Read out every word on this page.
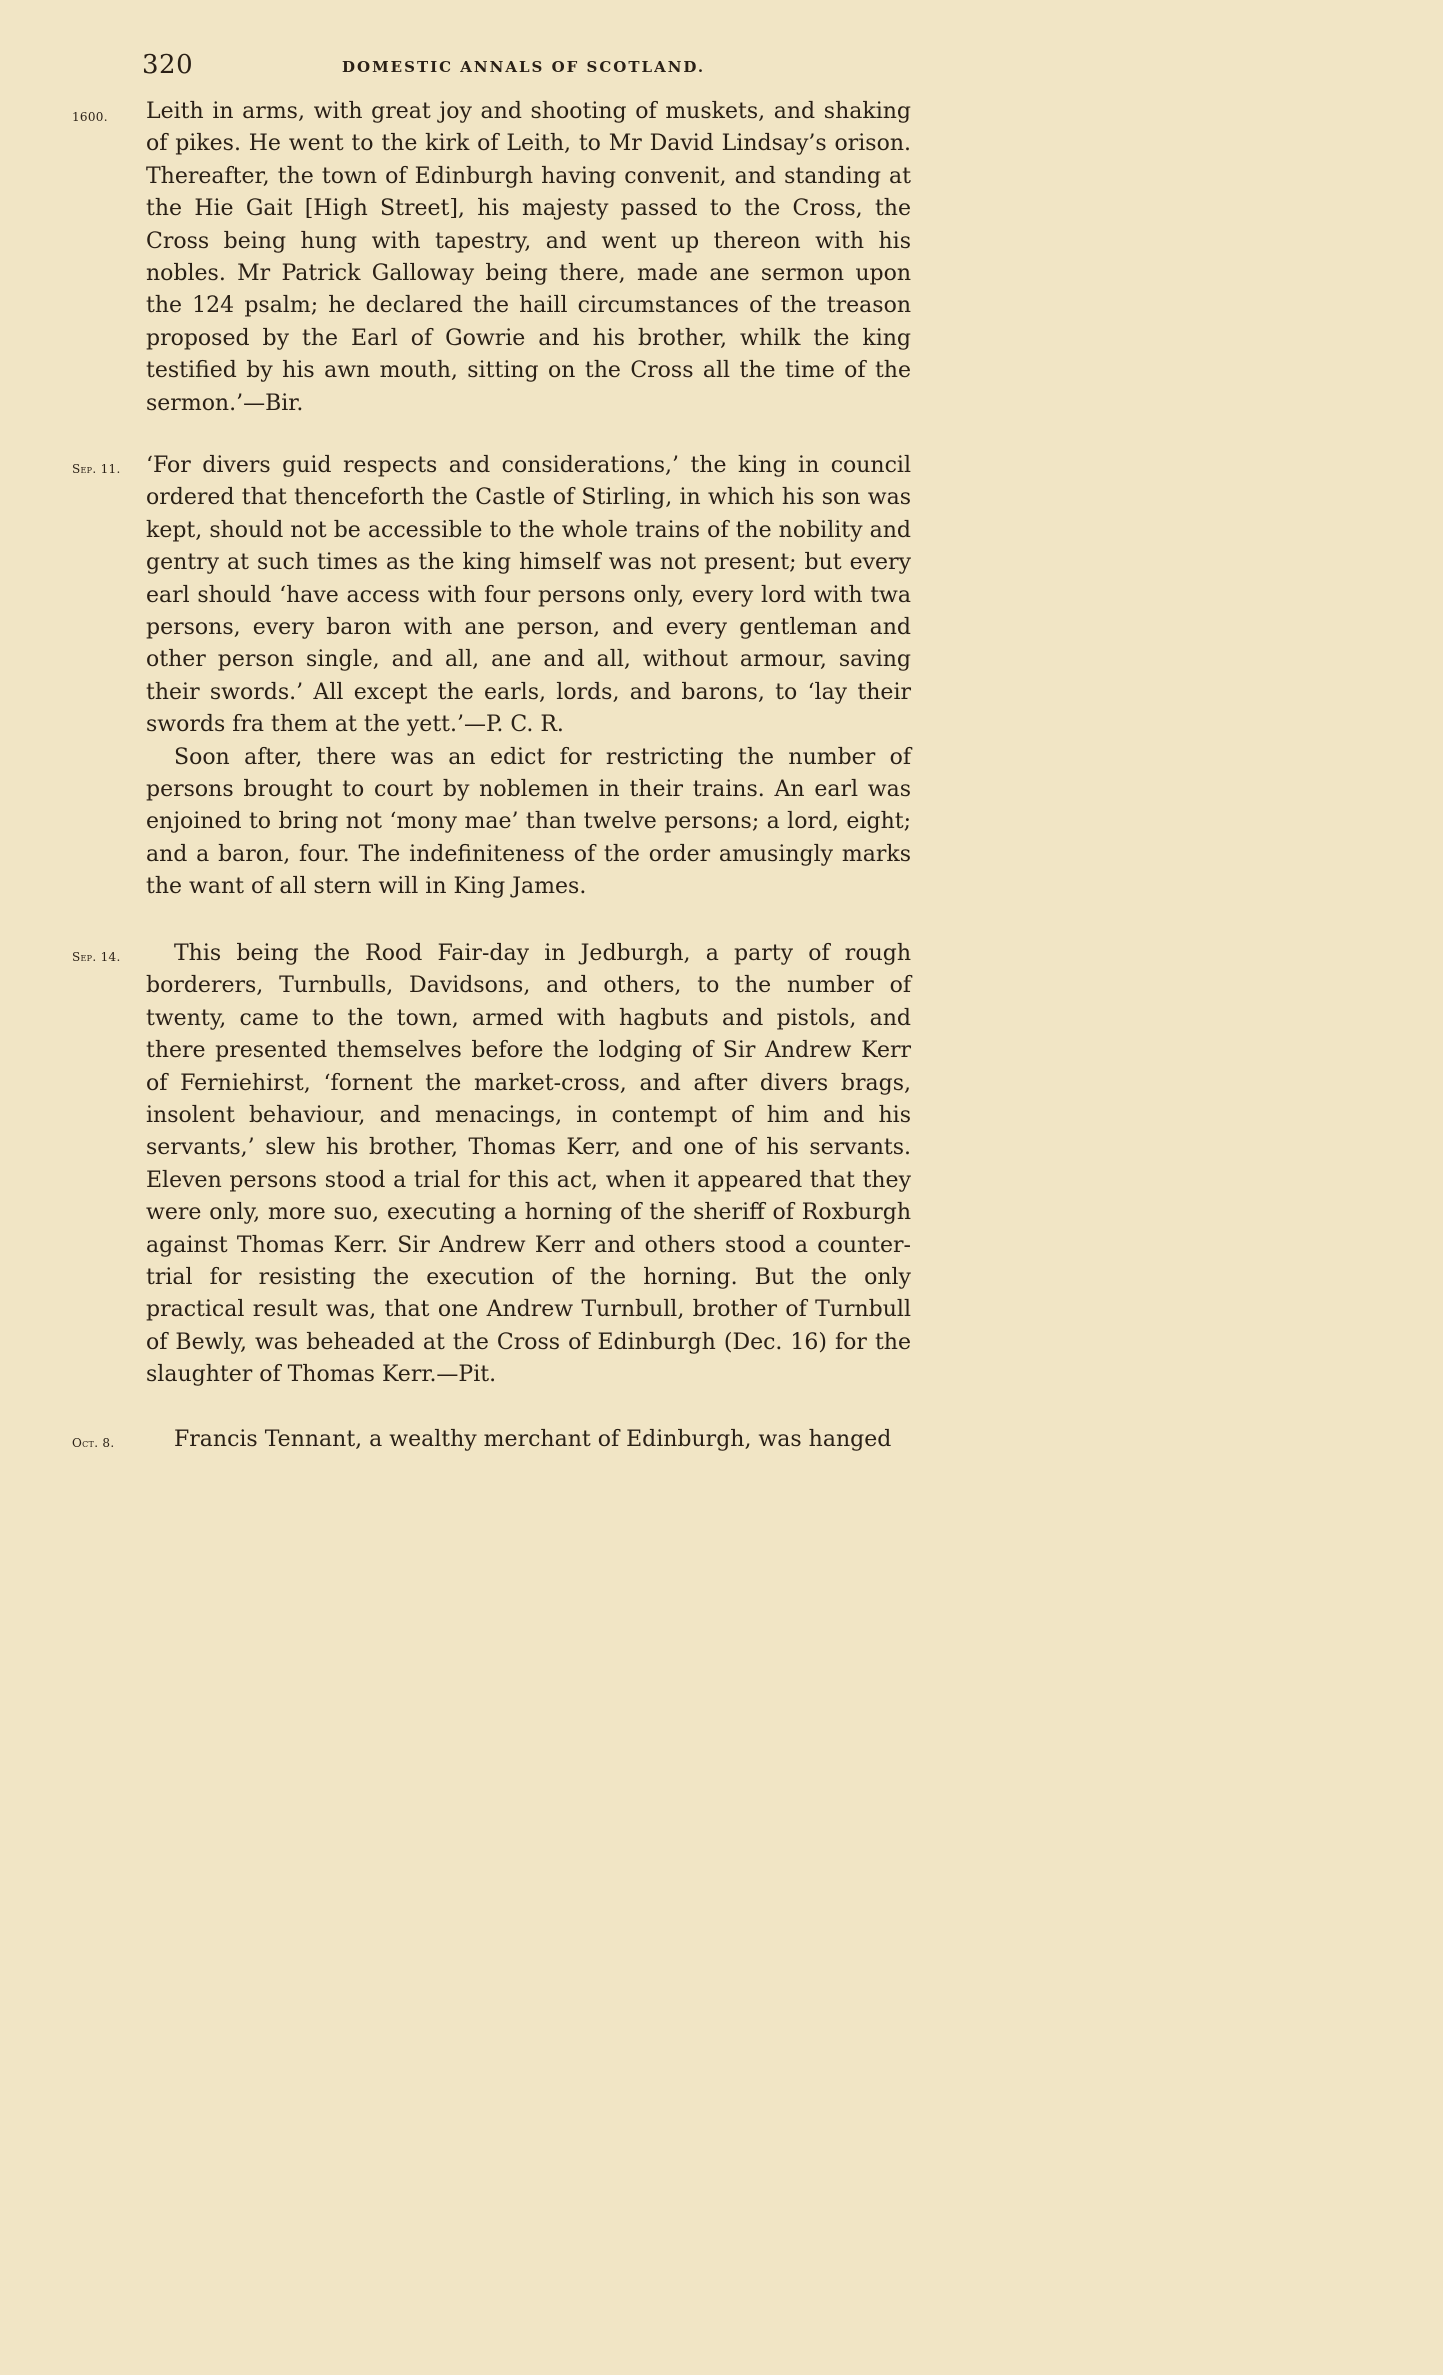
320	DOMESTIC ANNALS OF SCOTLAND.
1600. Leith in arms, with great joy and shooting of muskets, and shaking of pikes. He went to the kirk of Leith, to Mr David Lindsay’s orison. Thereafter, the town of Edinburgh having convenit, and standing at the Hie Gait [High Street], his majesty passed to the Cross, the Cross being hung with tapestry, and went up thereon with his nobles. Mr Patrick Galloway being there, made ane sermon upon the 124 psalm; he declared the haill circumstances of the treason proposed by the Earl of Gowrie and his brother, whilk the king testified by his awn mouth, sitting on the Cross all the time of the sermon.’—Bir.

Sep. 11. ‘For divers guid respects and considerations,’ the king in council ordered that thenceforth the Castle of Stirling, in which his son was kept, should not be accessible to the whole trains of the nobility and gentry at such times as the king himself was not present; but every earl should ‘have access with four persons only, every lord with twa persons, every baron with ane person, and every gentleman and other person single, and all, ane and all, without armour, saving their swords.’ All except the earls, lords, and barons, to ‘lay their swords fra them at the yett.’—P. C. R.

Soon after, there was an edict for restricting the number of persons brought to court by noblemen in their trains. An earl was enjoined to bring not ‘mony mae’ than twelve persons; a lord, eight; and a baron, four. The indefiniteness of the order amusingly marks the want of all stern will in King James.

Sep. 14.	This being the Rood Fair-day in Jedburgh, a party of rough borderers, Turnbulls, Davidsons, and others, to the number of twenty, came to the town, armed with hagbuts and pistols, and there presented themselves before the lodging of Sir Andrew Kerr of Ferniehirst, ‘fornent the market-cross, and after divers brags, insolent behaviour, and menacings, in contempt of him and his servants,’ slew his brother, Thomas Kerr, and one of his servants. Eleven persons stood a trial for this act, when it appeared that they were only, more suo, executing a horning of the sheriff of Roxburgh against Thomas Kerr. Sir Andrew Kerr and others stood a counter-trial for resisting the execution of the horning. But the only practical result was, that one Andrew Turnbull, brother of Turnbull of Bewly, was beheaded at the Cross of Edinburgh (Dec. 16) for the slaughter of Thomas Kerr.—Pit.

Oct. 8.	Francis Tennant, a wealthy merchant of Edinburgh, was hanged
